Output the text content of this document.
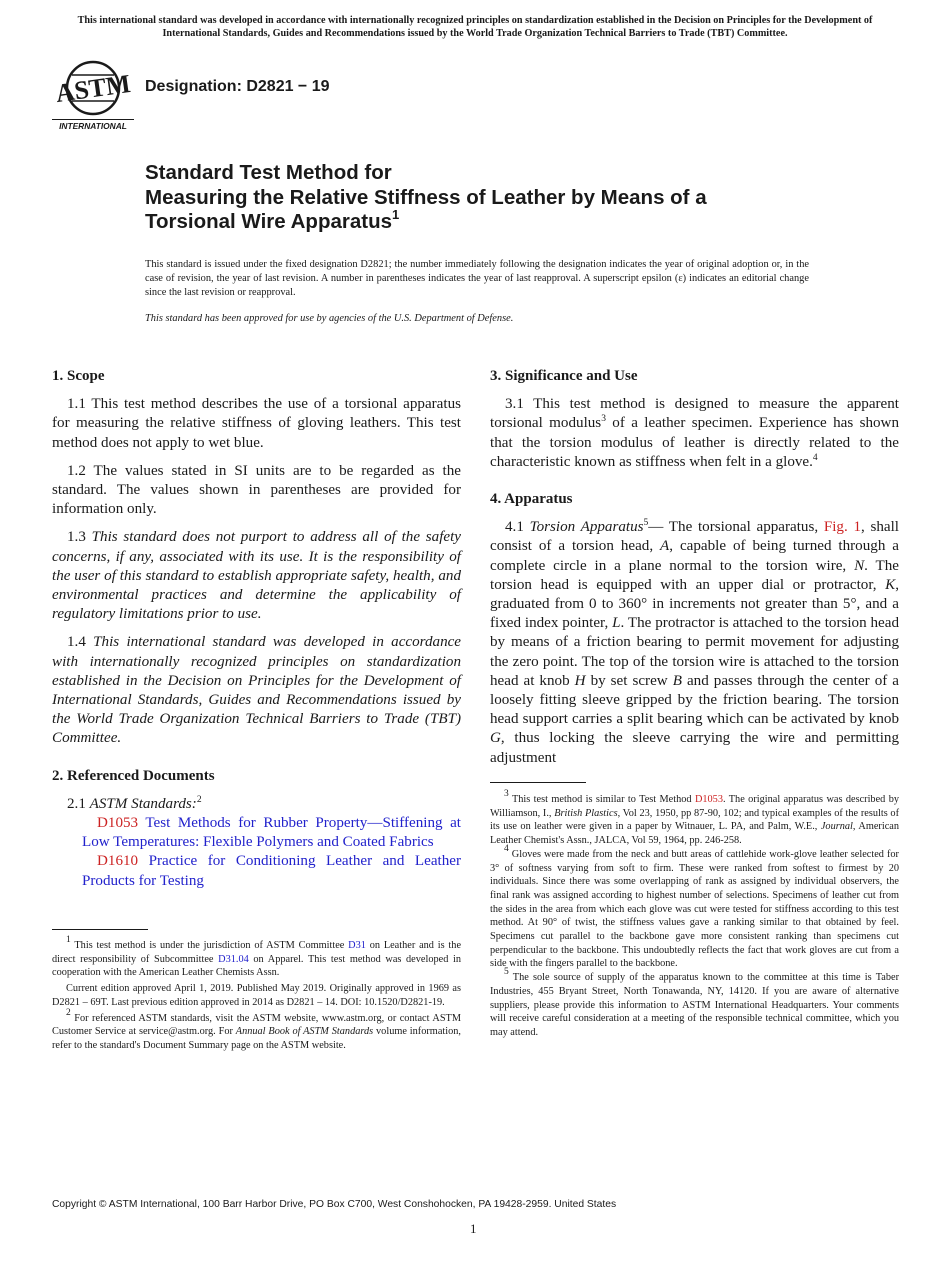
This international standard was developed in accordance with internationally recognized principles on standardization established in the Decision on Principles for the Development of International Standards, Guides and Recommendations issued by the World Trade Organization Technical Barriers to Trade (TBT) Committee.
ASTM
INTERNATIONAL
Designation: D2821 − 19
Standard Test Method for
Measuring the Relative Stiffness of Leather by Means of a
Torsional Wire Apparatus$^1$
This standard is issued under the fixed designation D2821; the number immediately following the designation indicates the year of original adoption or, in the case of revision, the year of last revision. A number in parentheses indicates the year of last reapproval. A superscript epsilon (ε) indicates an editorial change since the last revision or reapproval.
This standard has been approved for use by agencies of the U.S. Department of Defense.
1. Scope

1.1 This test method describes the use of a torsional apparatus for measuring the relative stiffness of gloving leathers. This test method does not apply to wet blue.

1.2 The values stated in SI units are to be regarded as the standard. The values shown in parentheses are provided for information only.

1.3 This standard does not purport to address all of the safety concerns, if any, associated with its use. It is the responsibility of the user of this standard to establish appropriate safety, health, and environmental practices and determine the applicability of regulatory limitations prior to use.

1.4 This international standard was developed in accordance with internationally recognized principles on standardization established in the Decision on Principles for the Development of International Standards, Guides and Recommendations issued by the World Trade Organization Technical Barriers to Trade (TBT) Committee.

2. Referenced Documents

2.1 ASTM Standards:$^2$

D1053 Test Methods for Rubber Property—Stiffening at Low Temperatures: Flexible Polymers and Coated Fabrics

D1610 Practice for Conditioning Leather and Leather Products for Testing

$^1$ This test method is under the jurisdiction of ASTM Committee D31 on Leather and is the direct responsibility of Subcommittee D31.04 on Apparel. This test method was developed in cooperation with the American Leather Chemists Assn.

Current edition approved April 1, 2019. Published May 2019. Originally approved in 1969 as D2821 – 69T. Last previous edition approved in 2014 as D2821 – 14. DOI: 10.1520/D2821-19.

$^2$ For referenced ASTM standards, visit the ASTM website, www.astm.org, or contact ASTM Customer Service at service@astm.org. For Annual Book of ASTM Standards volume information, refer to the standard's Document Summary page on the ASTM website.

3. Significance and Use

3.1 This test method is designed to measure the apparent torsional modulus$^3$ of a leather specimen. Experience has shown that the torsion modulus of leather is directly related to the characteristic known as stiffness when felt in a glove.$^4$

4. Apparatus

4.1 Torsion Apparatus$^5$— The torsional apparatus, Fig. 1, shall consist of a torsion head, A, capable of being turned through a complete circle in a plane normal to the torsion wire, N. The torsion head is equipped with an upper dial or protractor, K, graduated from 0 to 360° in increments not greater than 5°, and a fixed index pointer, L. The protractor is attached to the torsion head by means of a friction bearing to permit movement for adjusting the zero point. The top of the torsion wire is attached to the torsion head at knob H by set screw B and passes through the center of a loosely fitting sleeve gripped by the friction bearing. The torsion head support carries a split bearing which can be activated by knob G, thus locking the sleeve carrying the wire and permitting adjustment

$^3$ This test method is similar to Test Method D1053. The original apparatus was described by Williamson, I., British Plastics, Vol 23, 1950, pp 87-90, 102; and typical examples of the results of its use on leather were given in a paper by Witnauer, L. PA, and Palm, W.E., Journal, American Leather Chemist's Assn., JALCA, Vol 59, 1964, pp. 246-258.

$^4$ Gloves were made from the neck and butt areas of cattlehide work-glove leather selected for 3° of softness varying from soft to firm. These were ranked from softest to firmest by 20 individuals. Since there was some overlapping of rank as assigned by individual observers, the final rank was assigned according to highest number of selections. Specimens of leather cut from the sides in the area from which each glove was cut were tested for stiffness according to this test method. At 90° of twist, the stiffness values gave a ranking similar to that obtained by feel. Specimens cut parallel to the backbone gave more consistent ranking than specimens cut perpendicular to the backbone. This undoubtedly reflects the fact that work gloves are cut from a side with the fingers parallel to the backbone.

$^5$ The sole source of supply of the apparatus known to the committee at this time is Taber Industries, 455 Bryant Street, North Tonawanda, NY, 14120. If you are aware of alternative suppliers, please provide this information to ASTM International Headquarters. Your comments will receive careful consideration at a meeting of the responsible technical committee, which you may attend.

Copyright © ASTM International, 100 Barr Harbor Drive, PO Box C700, West Conshohocken, PA 19428-2959. United States
1
